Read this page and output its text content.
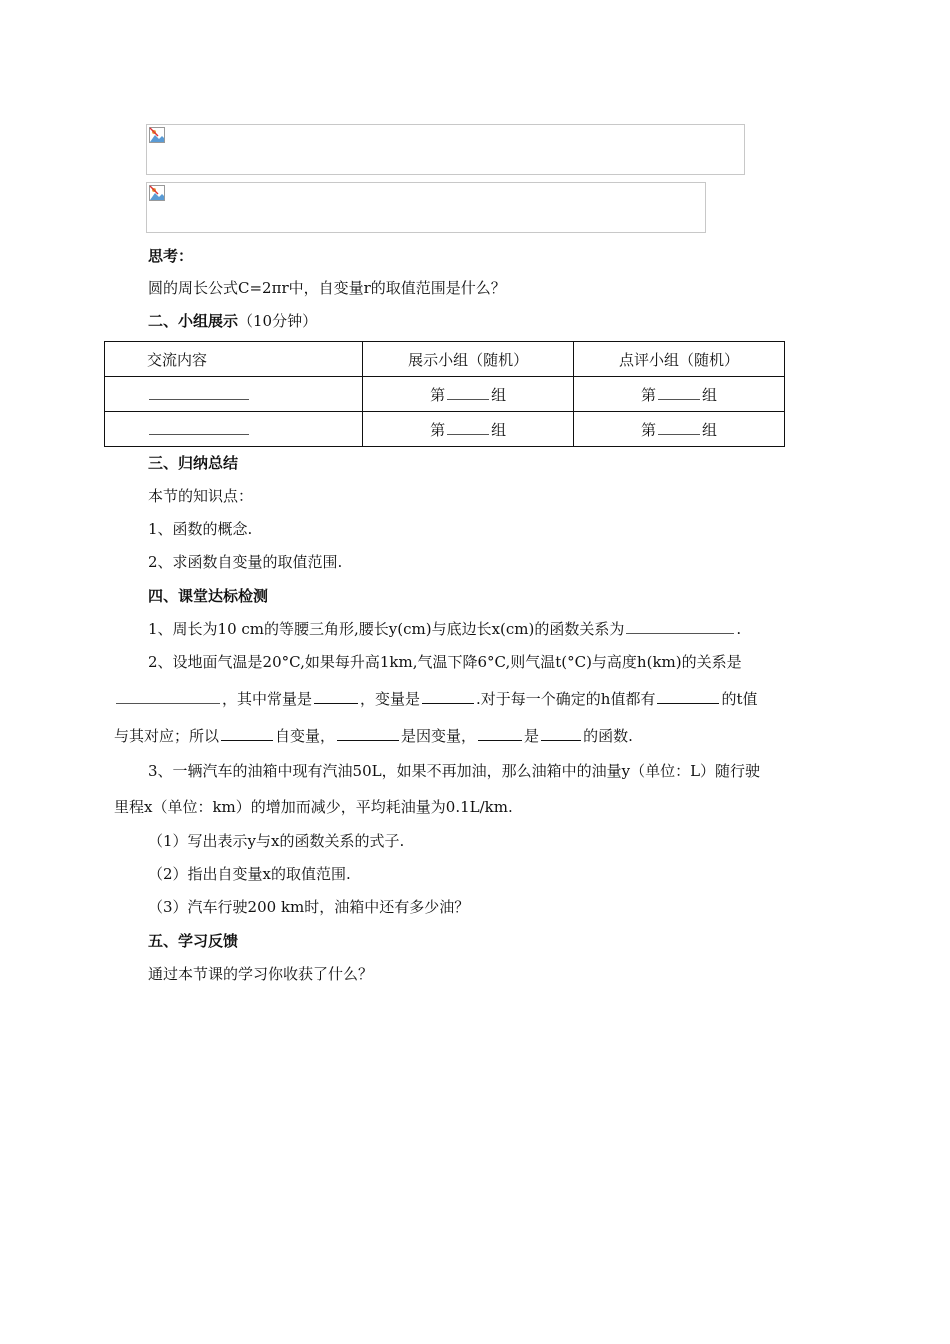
思考：
圆的周长公式C=2πr中，自变量r的取值范围是什么？
二、小组展示（10分钟）
交流内容	展示小组（随机）	点评小组（随机）
	第 组	第 组
	第 组	第 组
三、归纳总结
本节的知识点：
1、函数的概念.
2、求函数自变量的取值范围.
四、课堂达标检测
1、周长为10 cm的等腰三角形,腰长y(cm)与底边长x(cm)的函数关系为	.
2、设地面气温是20°C,如果每升高1km,气温下降6°C,则气温t(°C)与高度h(km)的关系是
，其中常量是	，变量是	.对于每一个确定的h值都有	的t值
与其对应；所以	自变量，	是因变量，	是	的函数.
3、一辆汽车的油箱中现有汽油50L，如果不再加油，那么油箱中的油量y（单位：L）随行驶
里程x（单位：km）的增加而减少，平均耗油量为0.1L/km.
（1）写出表示y与x的函数关系的式子.
（2）指出自变量x的取值范围.
（3）汽车行驶200 km时，油箱中还有多少油？
五、学习反馈
通过本节课的学习你收获了什么？
